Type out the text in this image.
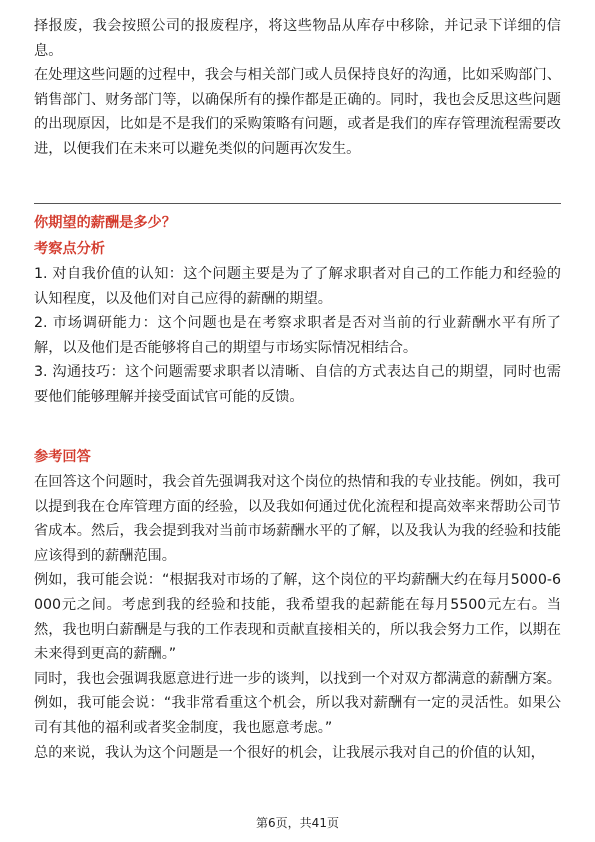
择报废，我会按照公司的报废程序，将这些物品从库存中移除，并记录下详细的信息。

在处理这些问题的过程中，我会与相关部门或人员保持良好的沟通，比如采购部门、销售部门、财务部门等，以确保所有的操作都是正确的。同时，我也会反思这些问题的出现原因，比如是不是我们的采购策略有问题，或者是我们的库存管理流程需要改进，以便我们在未来可以避免类似的问题再次发生。

你期望的薪酬是多少？
考察点分析

1. 对自我价值的认知：这个问题主要是为了了解求职者对自己的工作能力和经验的认知程度，以及他们对自己应得的薪酬的期望。

2. 市场调研能力：这个问题也是在考察求职者是否对当前的行业薪酬水平有所了解，以及他们是否能够将自己的期望与市场实际情况相结合。

3. 沟通技巧：这个问题需要求职者以清晰、自信的方式表达自己的期望，同时也需要他们能够理解并接受面试官可能的反馈。

参考回答

在回答这个问题时，我会首先强调我对这个岗位的热情和我的专业技能。例如，我可以提到我在仓库管理方面的经验，以及我如何通过优化流程和提高效率来帮助公司节省成本。然后，我会提到我对当前市场薪酬水平的了解，以及我认为我的经验和技能应该得到的薪酬范围。

例如，我可能会说：“根据我对市场的了解，这个岗位的平均薪酬大约在每月5000-6000元之间。考虑到我的经验和技能，我希望我的起薪能在每月5500元左右。当然，我也明白薪酬是与我的工作表现和贡献直接相关的，所以我会努力工作，以期在未来得到更高的薪酬。”

同时，我也会强调我愿意进行进一步的谈判，以找到一个对双方都满意的薪酬方案。例如，我可能会说：“我非常看重这个机会，所以我对薪酬有一定的灵活性。如果公司有其他的福利或者奖金制度，我也愿意考虑。”

总的来说，我认为这个问题是一个很好的机会，让我展示我对自己的价值的认知，

第6页，共41页
